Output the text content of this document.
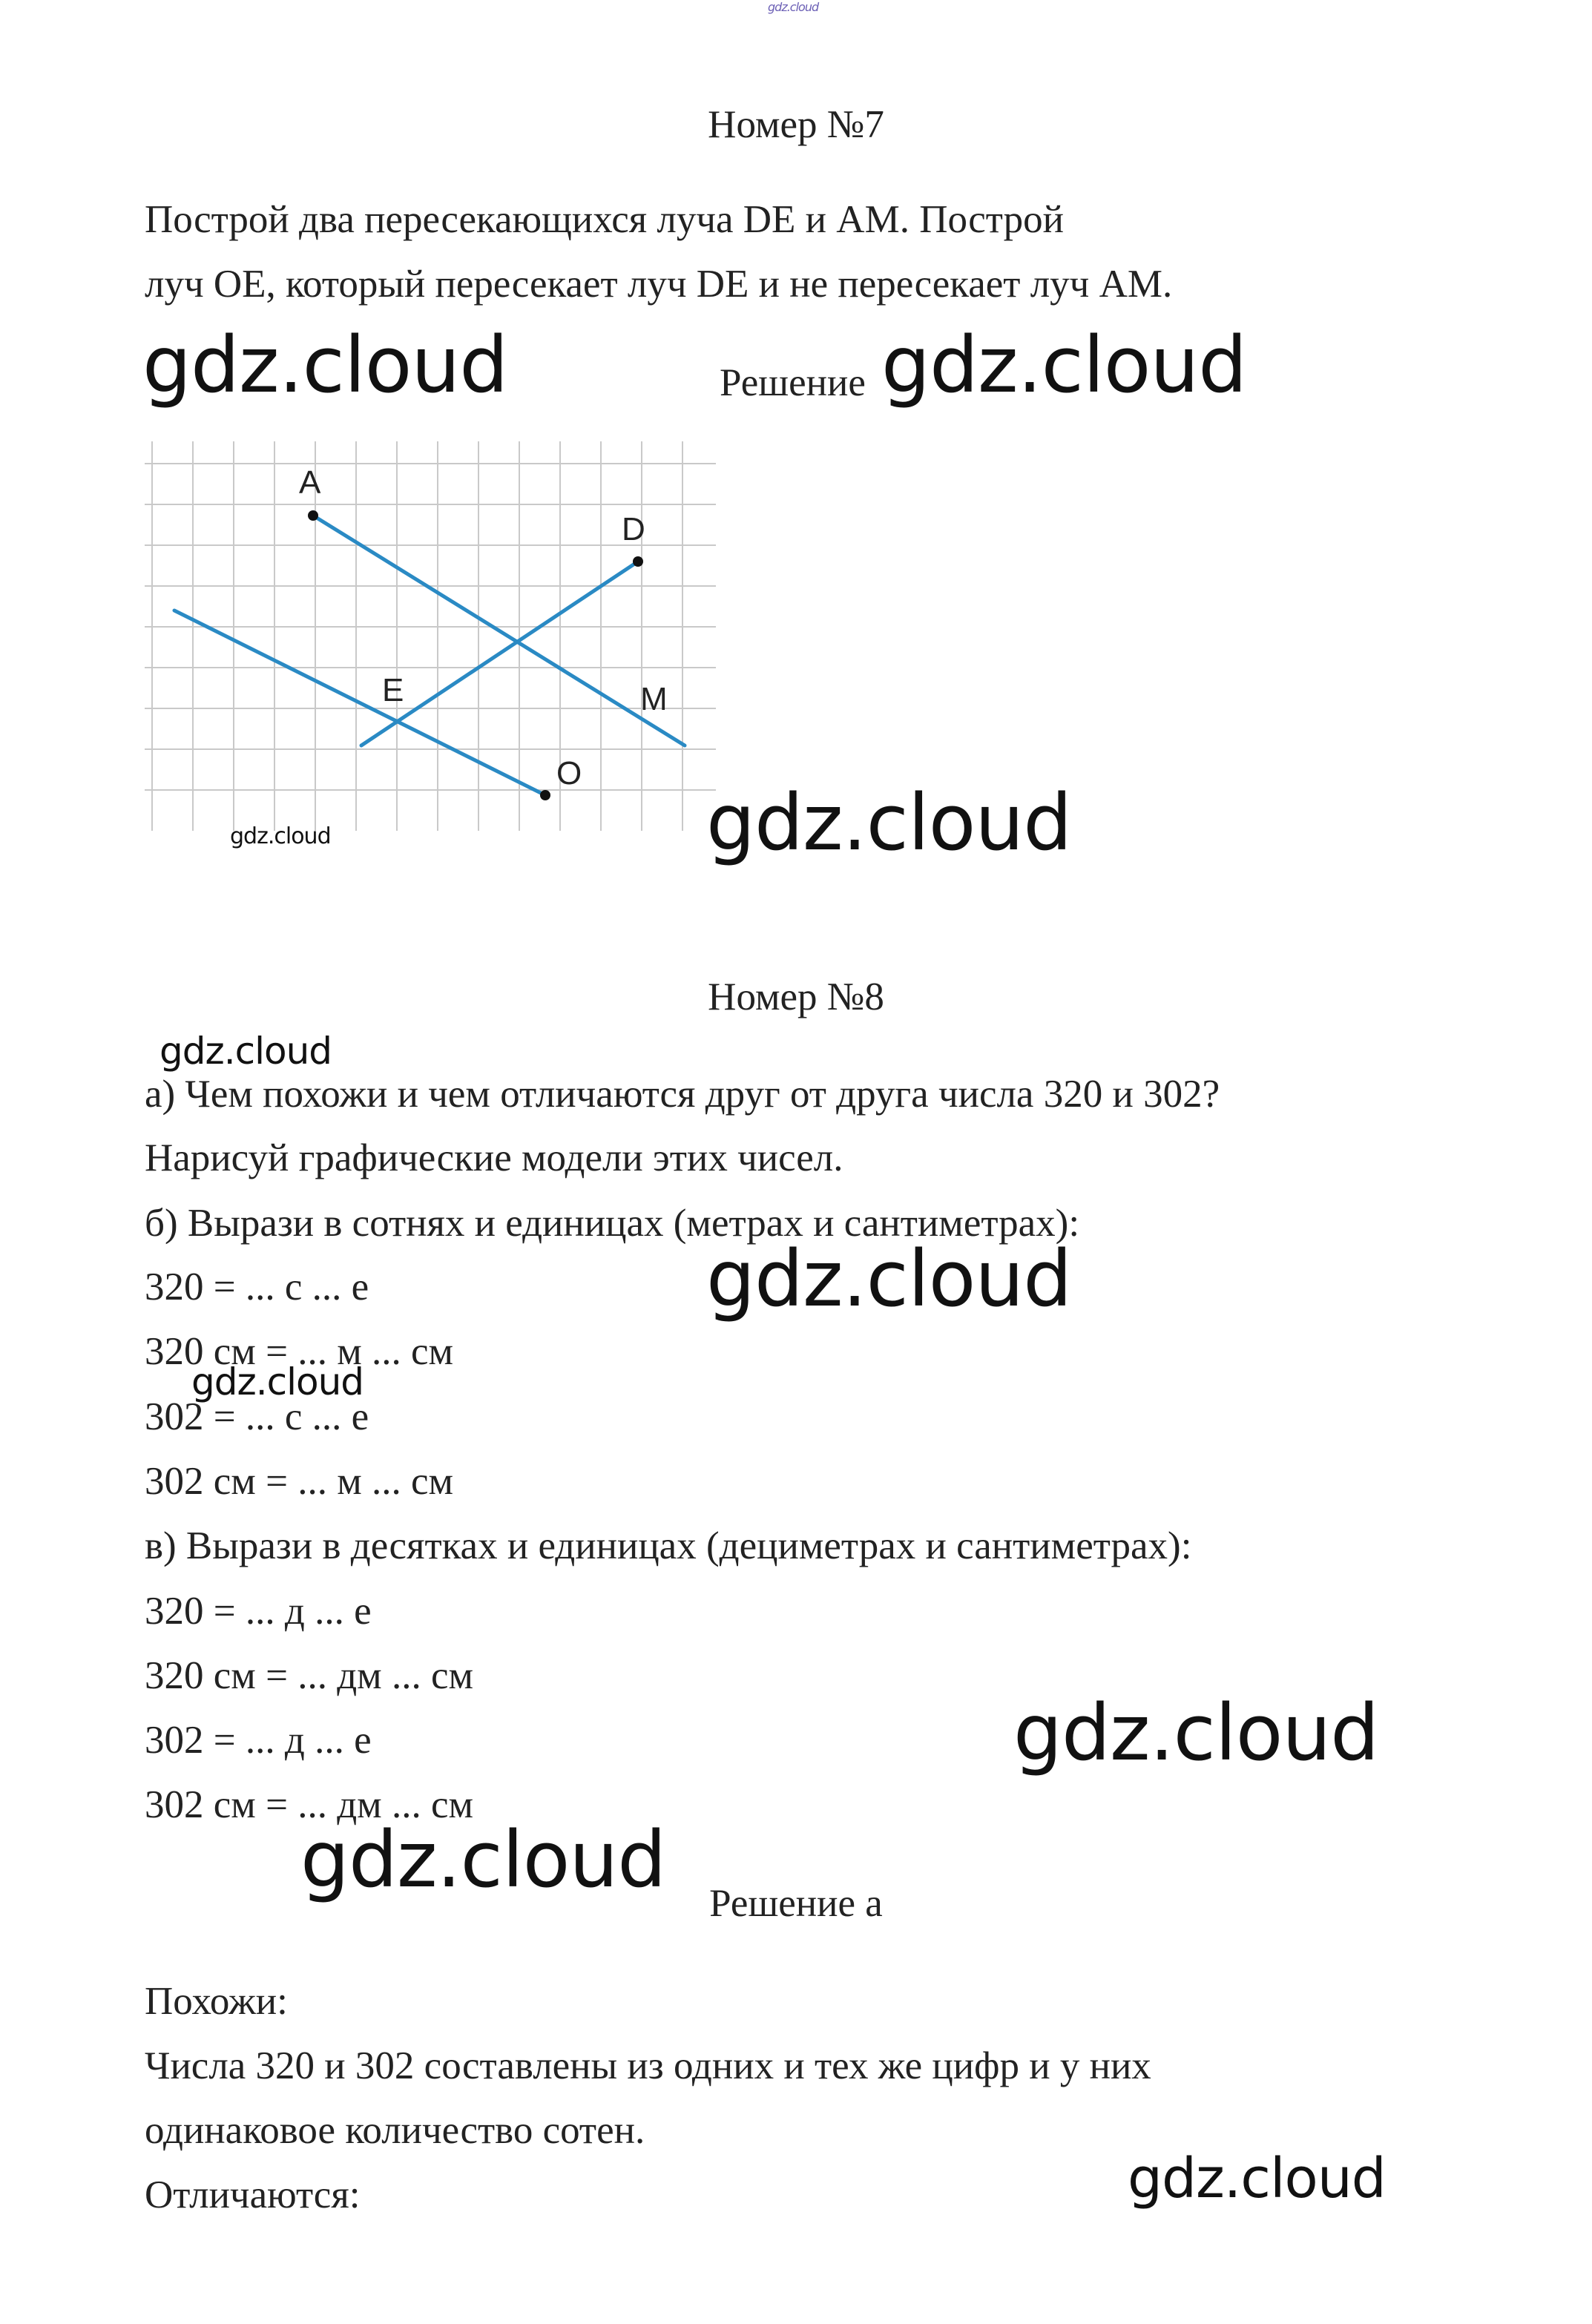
gdz.cloud
Номер №7
Построй два пересекающихся луча DE и AM. Построй
луч OE, который пересекает луч DE и не пересекает луч AM.
gdz.cloud	Решение gdz.cloud
A
D
E	M
O
gdz.cloud	gdz.cloud
Номер №8
gdz.cloud
а) Чем похожи и чем отличаются друг от друга числа 320 и 302?
Нарисуй графические модели этих чисел.
б) Вырази в сотнях и единицах (метрах и сантиметрах):
320 = ... с ... е	gdz.cloud
320 см = ... м ... см
gdz.cloud
302 = ... с ... е
302 см = ... м ... см
в) Вырази в десятках и единицах (дециметрах и сантиметрах):
320 = ... д ... е
320 см = ... дм ... см
gdz.cloud
302 = ... д ... е
302 см = ... дм ... см
gdz.cloud	Решение а
Похожи:
Числа 320 и 302 составлены из одних и тех же цифр и у них
одинаковое количество сотен.
Отличаются:	gdz.cloud
